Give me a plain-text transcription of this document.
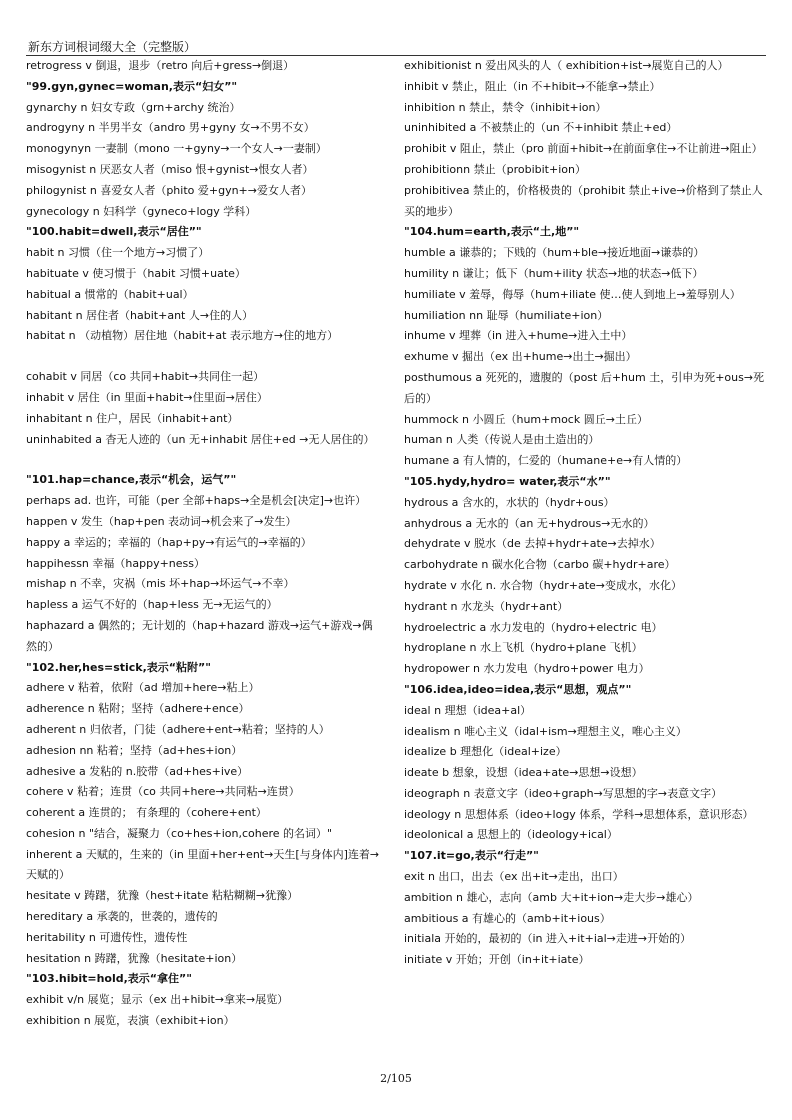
新东方词根词缀大全（完整版）
retrogress v 倒退，退步（retro 向后+gress→倒退）
"99.gyn,gynec=woman,表示“妇女”"
gynarchy n 妇女专政（grn+archy 统治）
androgyny n 半男半女（andro 男+gyny 女→不男不女）
monogynyn 一妻制（mono 一+gyny→一个女人→一妻制）
misogynist n 厌恶女人者（miso 恨+gynist→恨女人者）
philogynist n 喜爱女人者（phito 爱+gyn+→爱女人者）
gynecology n 妇科学（gyneco+logy 学科）
"100.habit=dwell,表示“居住”"
habit n 习惯（住一个地方→习惯了）
habituate v 使习惯于（habit 习惯+uate）
habitual a 惯常的（habit+ual）
habitant n 居住者（habit+ant 人→住的人）
habitat n （动植物）居住地（habit+at 表示地方→住的地方）
cohabit v 同居（co 共同+habit→共同住一起）
inhabit v 居住（in 里面+habit→住里面→居住）
inhabitant n 住户，居民（inhabit+ant）
uninhabited a 杳无人迹的（un 无+inhabit 居住+ed →无人居住的）
"101.hap=chance,表示“机会，运气”"
perhaps ad. 也许，可能（per 全部+haps→全是机会[决定]→也许）
happen v 发生（hap+pen 表动词→机会来了→发生）
happy a 幸运的；幸福的（hap+py→有运气的→幸福的）
happihessn 幸福（happy+ness）
mishap n 不幸，灾祸（mis 坏+hap→坏运气→不幸）
hapless a 运气不好的（hap+less 无→无运气的）
haphazard a 偶然的；无计划的（hap+hazard 游戏→运气+游戏→偶然的）
"102.her,hes=stick,表示“粘附”"
adhere v 粘着，依附（ad 增加+here→粘上）
adherence n 粘附；坚持（adhere+ence）
adherent n 归依者，门徒（adhere+ent→粘着；坚持的人）
adhesion nn 粘着；坚持（ad+hes+ion）
adhesive a 发粘的 n.胶带（ad+hes+ive）
cohere v 粘着；连贯（co 共同+here→共同粘→连贯）
coherent a 连贯的； 有条理的（cohere+ent）
cohesion n "结合，凝聚力（co+hes+ion,cohere 的名词）"
inherent a 天赋的，生来的（in 里面+her+ent→天生[与身体内]连着→天赋的）
hesitate v 踌躇，犹豫（hest+itate 粘粘糊糊→犹豫）
hereditary a 承袭的，世袭的，遗传的
heritability n 可遗传性，遗传性
hesitation n 踌躇，犹豫（hesitate+ion）
"103.hibit=hold,表示“拿住”"
exhibit v/n 展览；显示（ex 出+hibit→拿来→展览）
exhibition n 展览，表演（exhibit+ion）
exhibitionist n 爱出风头的人（ exhibition+ist→展览自己的人）
inhibit v 禁止，阻止（in 不+hibit→不能拿→禁止）
inhibition n 禁止，禁令（inhibit+ion）
uninhibited a 不被禁止的（un 不+inhibit 禁止+ed）
prohibit v 阻止，禁止（pro 前面+hibit→在前面拿住→不让前进→阻止）
prohibitionn 禁止（probibit+ion）
prohibitivea 禁止的，价格极贵的（prohibit 禁止+ive→价格到了禁止人买的地步）
"104.hum=earth,表示“土,地”"
humble a 谦恭的；下贱的（hum+ble→接近地面→谦恭的）
humility n 谦让；低下（hum+ility 状态→地的状态→低下）
humiliate v 羞辱，侮辱（hum+iliate 使…使人到地上→羞辱别人）
humiliation nn 耻辱（humiliate+ion）
inhume v 埋葬（in 进入+hume→进入土中）
exhume v 掘出（ex 出+hume→出土→掘出）
posthumous a 死死的，遗腹的（post 后+hum 土，引申为死+ous→死后的）
hummock n 小圆丘（hum+mock 圆丘→土丘）
human n 人类（传说人是由土造出的）
humane a 有人情的，仁爱的（humane+e→有人情的）
"105.hydy,hydro= water,表示“水”"
hydrous a 含水的，水状的（hydr+ous）
anhydrous a 无水的（an 无+hydrous→无水的）
dehydrate v 脱水（de 去掉+hydr+ate→去掉水）
carbohydrate n 碳水化合物（carbo 碳+hydr+are）
hydrate v 水化 n. 水合物（hydr+ate→变成水，水化）
hydrant n 水龙头（hydr+ant）
hydroelectric a 水力发电的（hydro+electric 电）
hydroplane n 水上飞机（hydro+plane 飞机）
hydropower n 水力发电（hydro+power 电力）
"106.idea,ideo=idea,表示“思想，观点”"
ideal n 理想（idea+al）
idealism n 唯心主义（idal+ism→理想主义，唯心主义）
idealize b 理想化（ideal+ize）
ideate b 想象，设想（idea+ate→思想→设想）
ideograph n 表意文字（ideo+graph→写思想的字→表意文字）
ideology n 思想体系（ideo+logy 体系，学科→思想体系，意识形态）
ideolonical a 思想上的（ideology+ical）
"107.it=go,表示“行走”"
exit n 出口，出去（ex 出+it→走出，出口）
ambition n 雄心，志向（amb 大+it+ion→走大步→雄心）
ambitious a 有雄心的（amb+it+ious）
initiala 开始的，最初的（in 进入+it+ial→走进→开始的）
initiate v 开始；开创（in+it+iate）
2/105
